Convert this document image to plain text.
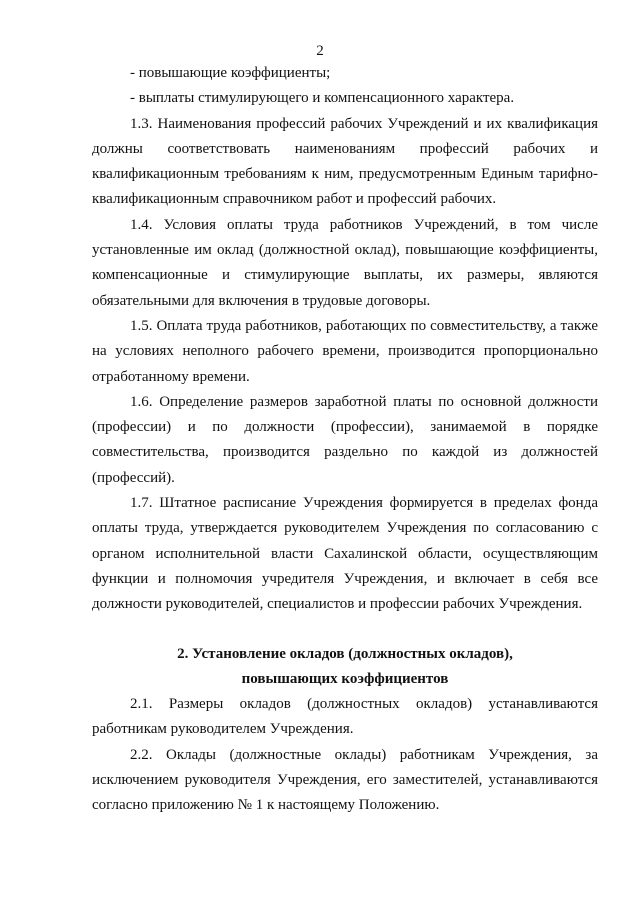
2

- повышающие коэффициенты;

- выплаты стимулирующего и компенсационного характера.

1.3. Наименования профессий рабочих Учреждений и их квалификация должны соответствовать наименованиям профессий рабочих и квалификационным требованиям к ним, предусмотренным Единым тарифно-квалификационным справочником работ и профессий рабочих.

1.4. Условия оплаты труда работников Учреждений, в том числе установленные им оклад (должностной оклад), повышающие коэффициенты, компенсационные и стимулирующие выплаты, их размеры, являются обязательными для включения в трудовые договоры.

1.5. Оплата труда работников, работающих по совместительству, а также на условиях неполного рабочего времени, производится пропорционально отработанному времени.

1.6. Определение размеров заработной платы по основной должности (профессии) и по должности (профессии), занимаемой в порядке совместительства, производится раздельно по каждой из должностей (профессий).

1.7. Штатное расписание Учреждения формируется в пределах фонда оплаты труда, утверждается руководителем Учреждения по согласованию с органом исполнительной власти Сахалинской области, осуществляющим функции и полномочия учредителя Учреждения, и включает в себя все должности руководителей, специалистов и профессии рабочих Учреждения.

2. Установление окладов (должностных окладов),

повышающих коэффициентов

2.1. Размеры окладов (должностных окладов) устанавливаются работникам руководителем Учреждения.

2.2. Оклады (должностные оклады) работникам Учреждения, за исключением руководителя Учреждения, его заместителей, устанавливаются согласно приложению № 1 к настоящему Положению.
